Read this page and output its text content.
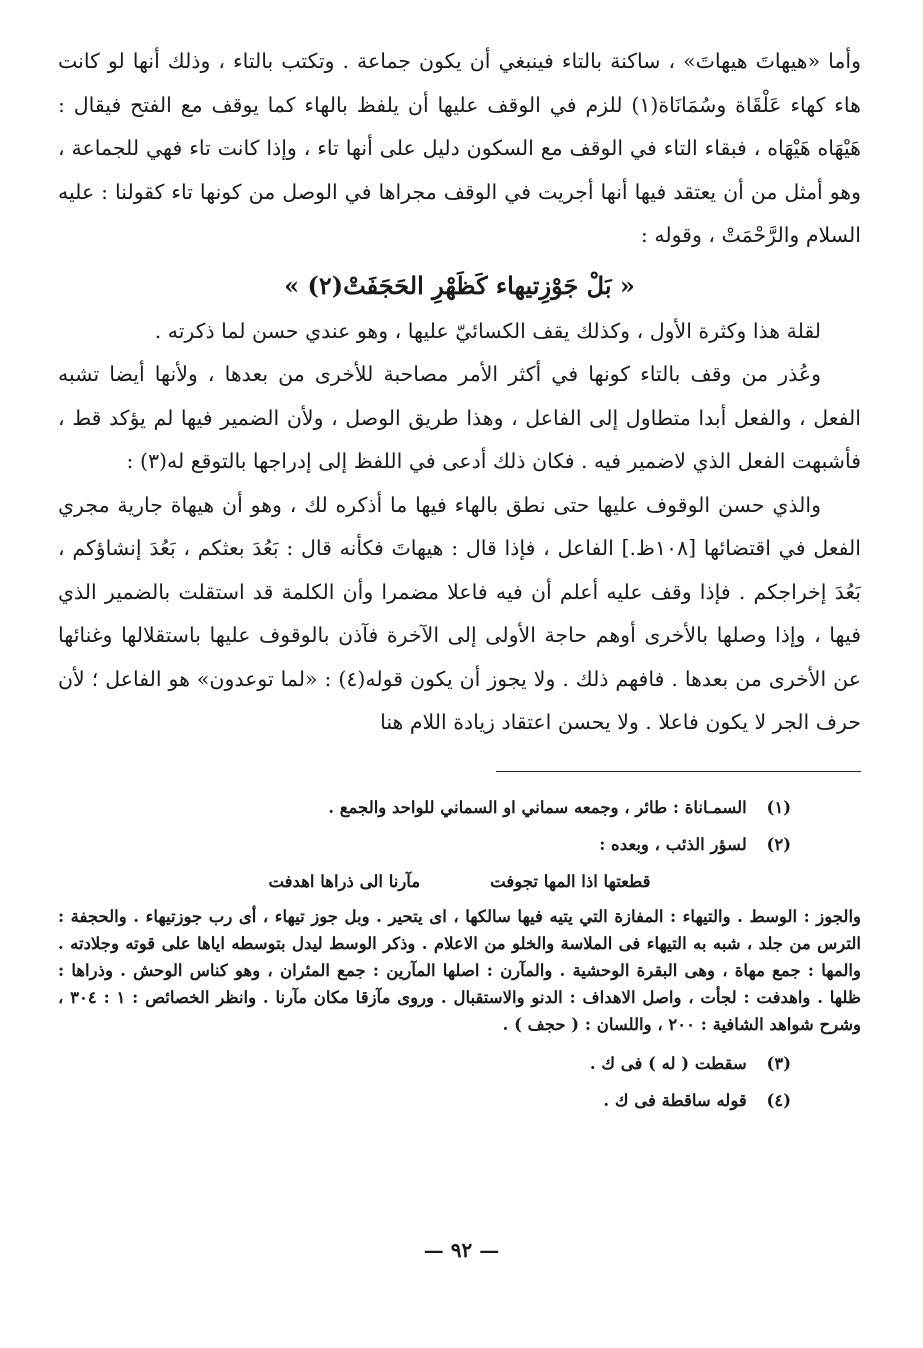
وأما «هيهاتَ هيهاتَ» ، ساكنة بالتاء فينبغي أن يكون جماعة . وتكتب بالتاء ، وذلك أنها لو كانت هاء كهاء عَلْقَاة وسُمَانَاة(١) للزم في الوقف عليها أن يلفظ بالهاء كما يوقف مع الفتح فيقال : هَيْهَاه هَيْهَاه ، فبقاء التاء في الوقف مع السكون دليل على أنها تاء ، وإذا كانت تاء فهي للجماعة ، وهو أمثل من أن يعتقد فيها أنها أجريت في الوقف مجراها في الوصل من كونها تاء كقولنا : عليه السلام والرَّحْمَتْ ، وقوله :

« بَلْ جَوْزِتيهاء كَظَهْرِ الحَجَفَتْ(٢) »

لقلة هذا وكثرة الأول ، وكذلك يقف الكسائيّ عليها ، وهو عندي حسن لما ذكرته .

وعُذر من وقف بالتاء كونها في أكثر الأمر مصاحبة للأخرى من بعدها ، ولأنها أيضا تشبه الفعل ، والفعل أبدا متطاول إلى الفاعل ، وهذا طريق الوصل ، ولأن الضمير فيها لم يؤكد قط ، فأشبهت الفعل الذي لاضمير فيه . فكان ذلك أدعى في اللفظ إلى إدراجها بالتوقع له(٣) :

والذي حسن الوقوف عليها حتى نطق بالهاء فيها ما أذكره لك ، وهو أن هيهاة جارية مجري الفعل في اقتضائها [١٠٨ظ.] الفاعل ، فإذا قال : هيهاتَ فكأنه قال : بَعُدَ بعثكم ، بَعُدَ إنشاؤكم ، بَعُدَ إخراجكم . فإذا وقف عليه أعلم أن فيه فاعلا مضمرا وأن الكلمة قد استقلت بالضمير الذي فيها ، وإذا وصلها بالأخرى أوهم حاجة الأولى إلى الآخرة فآذن بالوقوف عليها باستقلالها وغنائها عن الأخرى من بعدها . فافهم ذلك . ولا يجوز أن يكون قوله(٤) : «لما توعدون» هو الفاعل ؛ لأن حرف الجر لا يكون فاعلا . ولا يحسن اعتقاد زيادة اللام هنا

(١) السمـاناة : طائر ، وجمعه سماني او السماني للواحد والجمع .
(٢) لسؤر الذئب ، وبعده :
قطعتها اذا المها تجوفت
مآرنا الى ذراها اهدفت

والجوز : الوسط . والتيهاء : المفازة التي يتيه فيها سالكها ، اى يتحير . وبل جوز تيهاء ، أى رب جوزتيهاء . والحجفة : الترس من جلد ، شبه به التيهاء فى الملاسة والخلو من الاعلام . وذكر الوسط ليدل بتوسطه اياها على قوته وجلادته . والمها : جمع مهاة ، وهى البقرة الوحشية . والمآرن : اصلها المآرين : جمع المئران ، وهو كناس الوحش . وذراها : ظلها . واهدفت : لجأت ، واصل الاهداف : الدنو والاستقبال . وروى مآزقا مكان مآرنا . وانظر الخصائص : ١ : ٣٠٤ ، وشرح شواهد الشافية : ٢٠٠ ، واللسان : ( حجف ) .

(٣) سقطت ( له ) فى ك .
(٤) قوله ساقطة فى ك .
— ٩٢ —
